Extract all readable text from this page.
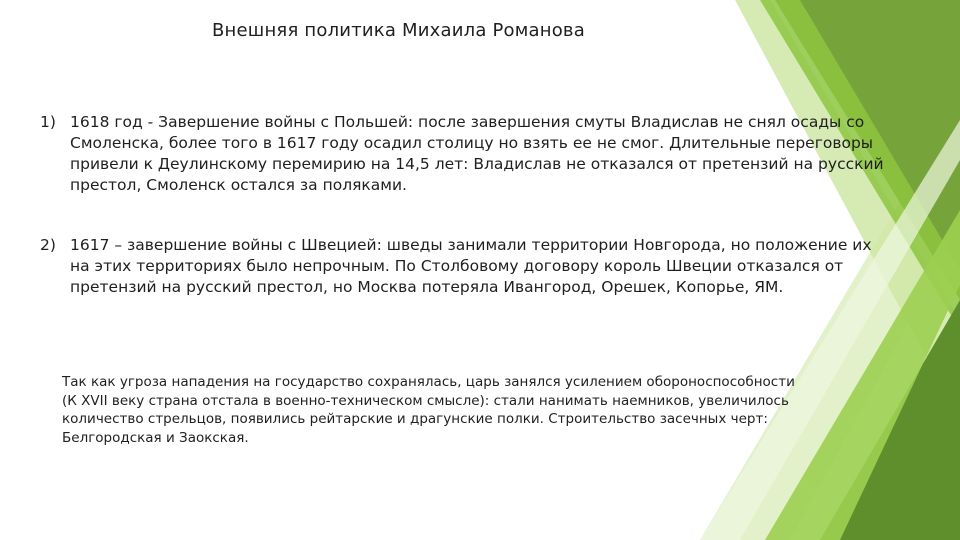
Внешняя политика Михаила Романова
1) 1618 год - Завершение войны с Польшей: после завершения смуты Владислав не снял осады со Смоленска, более того в 1617 году осадил столицу но взять ее не смог. Длительные переговоры привели к Деулинскому перемирию на 14,5 лет: Владислав не отказался от претензий на русский престол, Смоленск остался за поляками.
2) 1617 – завершение войны с Швецией: шведы занимали территории Новгорода, но положение их на этих территориях было непрочным. По Столбовому договору король Швеции отказался от претензий на русский престол, но Москва потеряла Ивангород, Орешек, Копорье, ЯМ.
Так как угроза нападения на государство сохранялась, царь занялся усилением обороноспособности (К XVII веку страна отстала в военно-техническом смысле): стали нанимать наемников, увеличилось количество стрельцов, появились рейтарские и драгунские полки. Строительство засечных черт: Белгородская и Заокская.
